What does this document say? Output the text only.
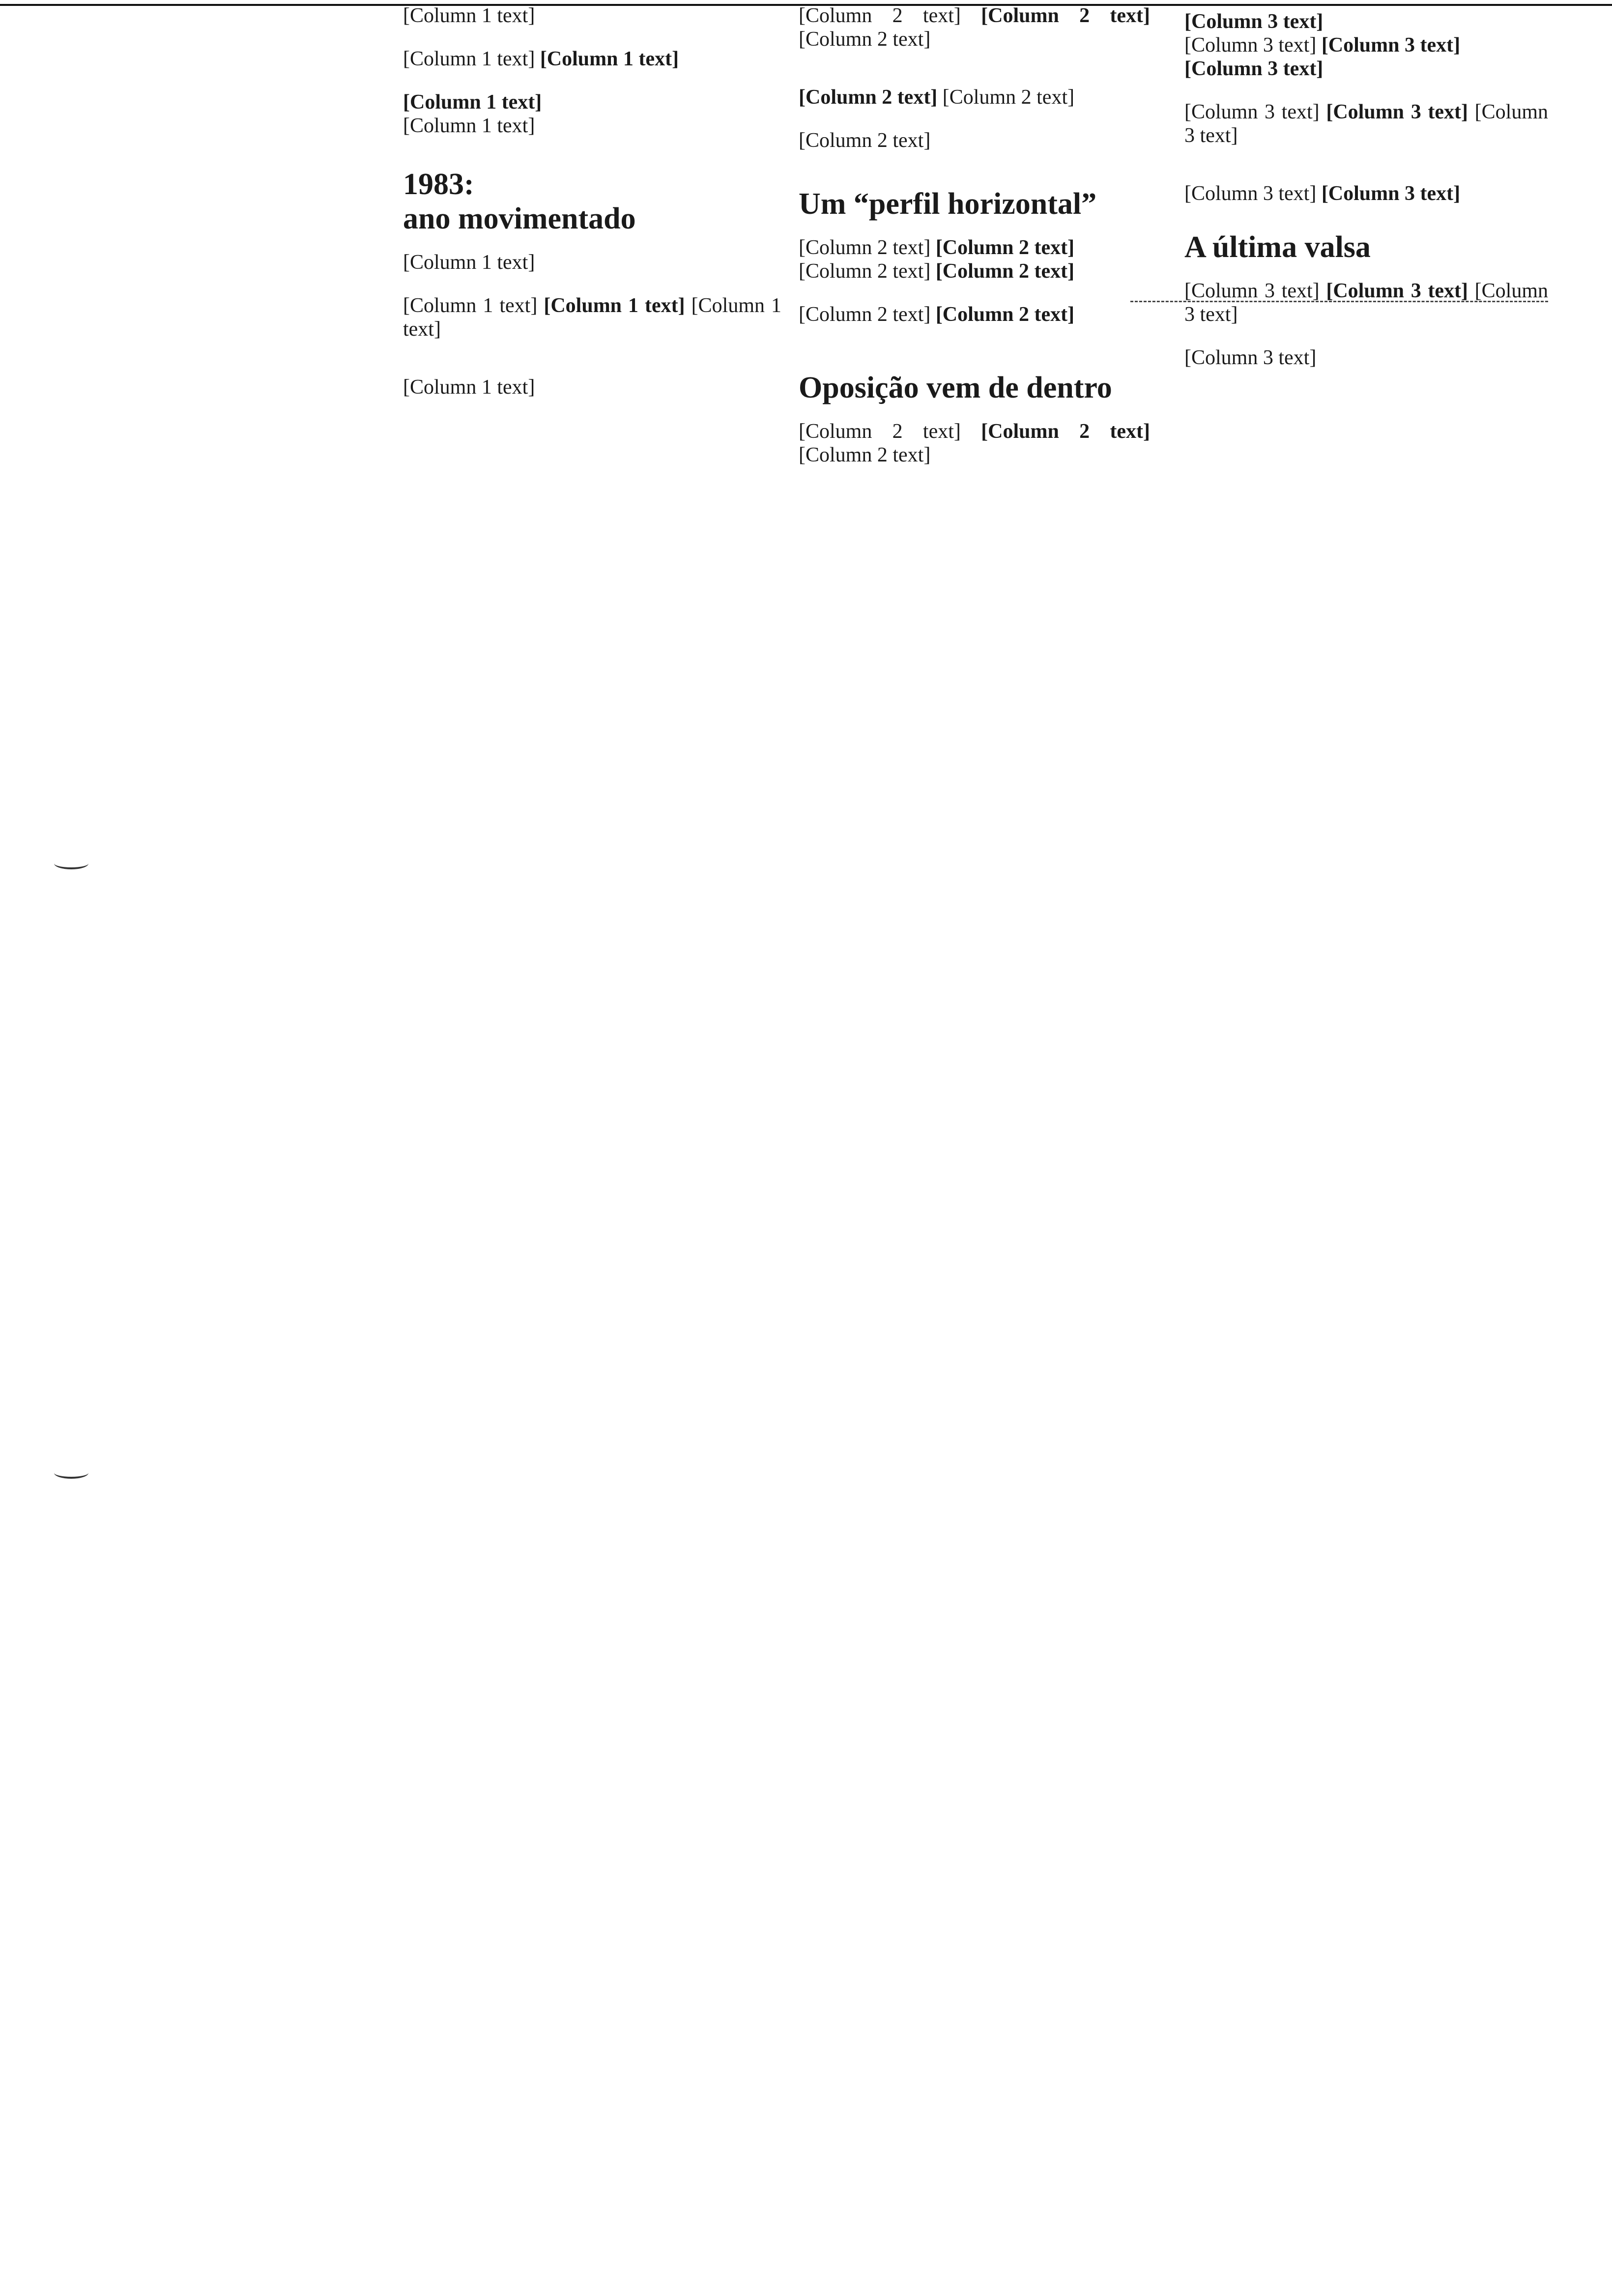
[Column 1 text]

[Column 1 text] [Column 1 text]

[Column 1 text]

[Column 1 text]

1983:
ano movimentado

[Column 1 text]

[Column 1 text] [Column 1 text] [Column 1 text]

[Column 1 text]

[Column 2 text] [Column 2 text] [Column 2 text]

[Column 2 text] [Column 2 text]

[Column 2 text]

Um “perfil horizontal”

[Column 2 text] [Column 2 text]

[Column 2 text] [Column 2 text]

[Column 2 text] [Column 2 text]

Oposição vem de dentro

[Column 2 text] [Column 2 text] [Column 2 text]

[Column 3 text]

[Column 3 text] [Column 3 text]

[Column 3 text]

[Column 3 text] [Column 3 text] [Column 3 text]

[Column 3 text] [Column 3 text]

A última valsa

[Column 3 text] [Column 3 text] [Column 3 text]

[Column 3 text]
